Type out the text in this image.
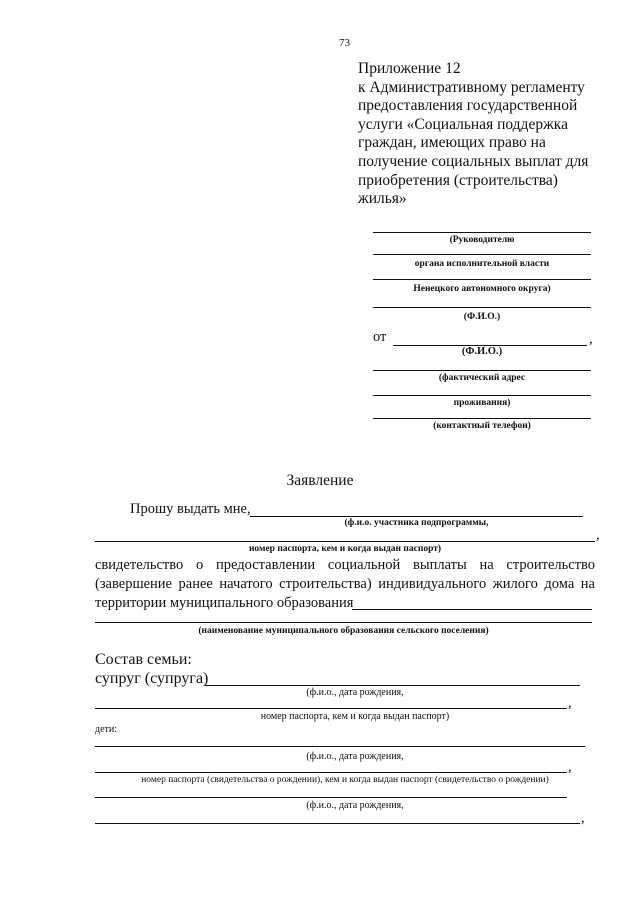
73
Приложение 12
к Административному регламенту
предоставления государственной
услуги «Социальная поддержка
граждан, имеющих право на
получение социальных выплат для
приобретения (строительства)
жилья»
(Руководителю
органа исполнительной власти
Ненецкого автономного округа)
(Ф.И.О.)
от	,
(Ф.И.О.)
(фактический адрес
проживания)
(контактный телефон)
Заявление
Прошу выдать мне,
(ф.и.о. участника подпрограммы,
,
номер паспорта, кем и когда выдан паспорт)
свидетельство о предоставлении социальной выплаты на строительство
(завершение ранее начатого строительства) индивидуального жилого дома на
территории муниципального образования
(наименование муниципального образования сельского поселения)
Состав семьи:
супруг (супруга)
(ф.и.о., дата рождения,
,
номер паспорта, кем и когда выдан паспорт)
дети:
(ф.и.о., дата рождения,
,
номер паспорта (свидетельства о рождении), кем и когда выдан паспорт (свидетельство о рождении)
(ф.и.о., дата рождения,
,
